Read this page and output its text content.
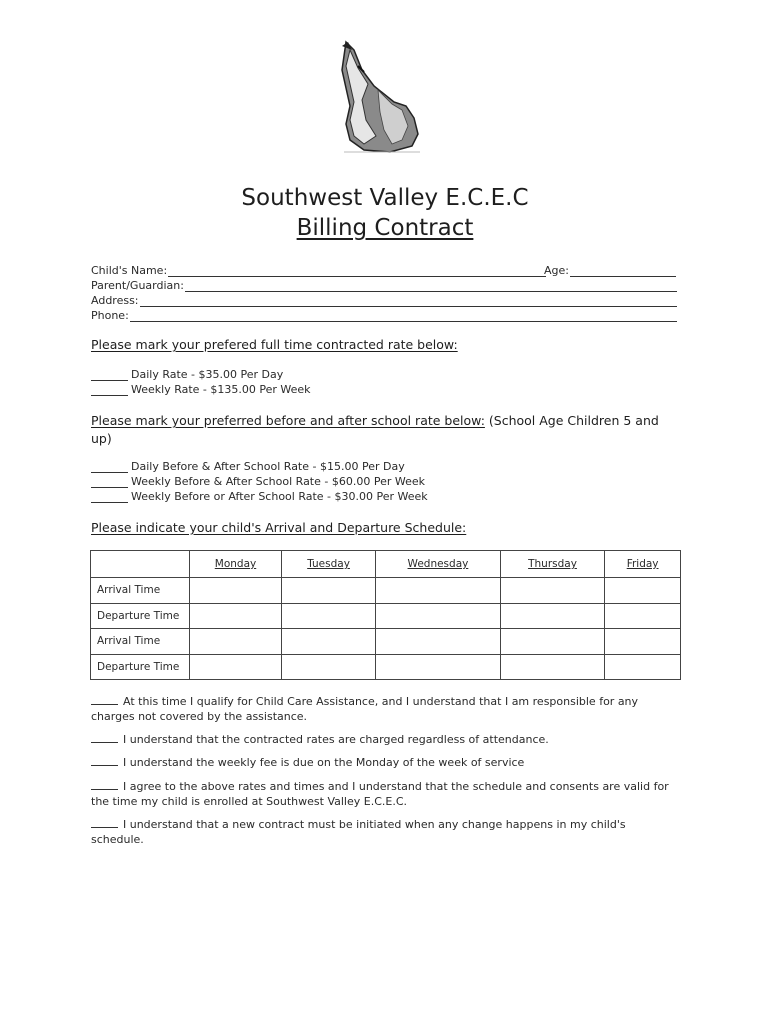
Southwest Valley E.C.E.C
Billing Contract
Child's Name:	Age:
Parent/Guardian:
Address:
Phone:
Please mark your prefered full time contracted rate below:
Daily Rate - $35.00 Per Day
Weekly Rate - $135.00 Per Week
Please mark your preferred before and after school rate below: (School Age Children 5 and up)
Daily Before & After School Rate - $15.00 Per Day
Weekly Before & After School Rate - $60.00 Per Week
Weekly Before or After School Rate - $30.00 Per Week
Please indicate your child's Arrival and Departure Schedule:
	Monday	Tuesday	Wednesday	Thursday	Friday
Arrival Time					
Departure Time					
Arrival Time					
Departure Time					
At this time I qualify for Child Care Assistance, and I understand that I am responsible for any charges not covered by the assistance.
I understand that the contracted rates are charged regardless of attendance.
I understand the weekly fee is due on the Monday of the week of service
I agree to the above rates and times and I understand that the schedule and consents are valid for the time my child is enrolled at Southwest Valley E.C.E.C.
I understand that a new contract must be initiated when any change happens in my child's schedule.
